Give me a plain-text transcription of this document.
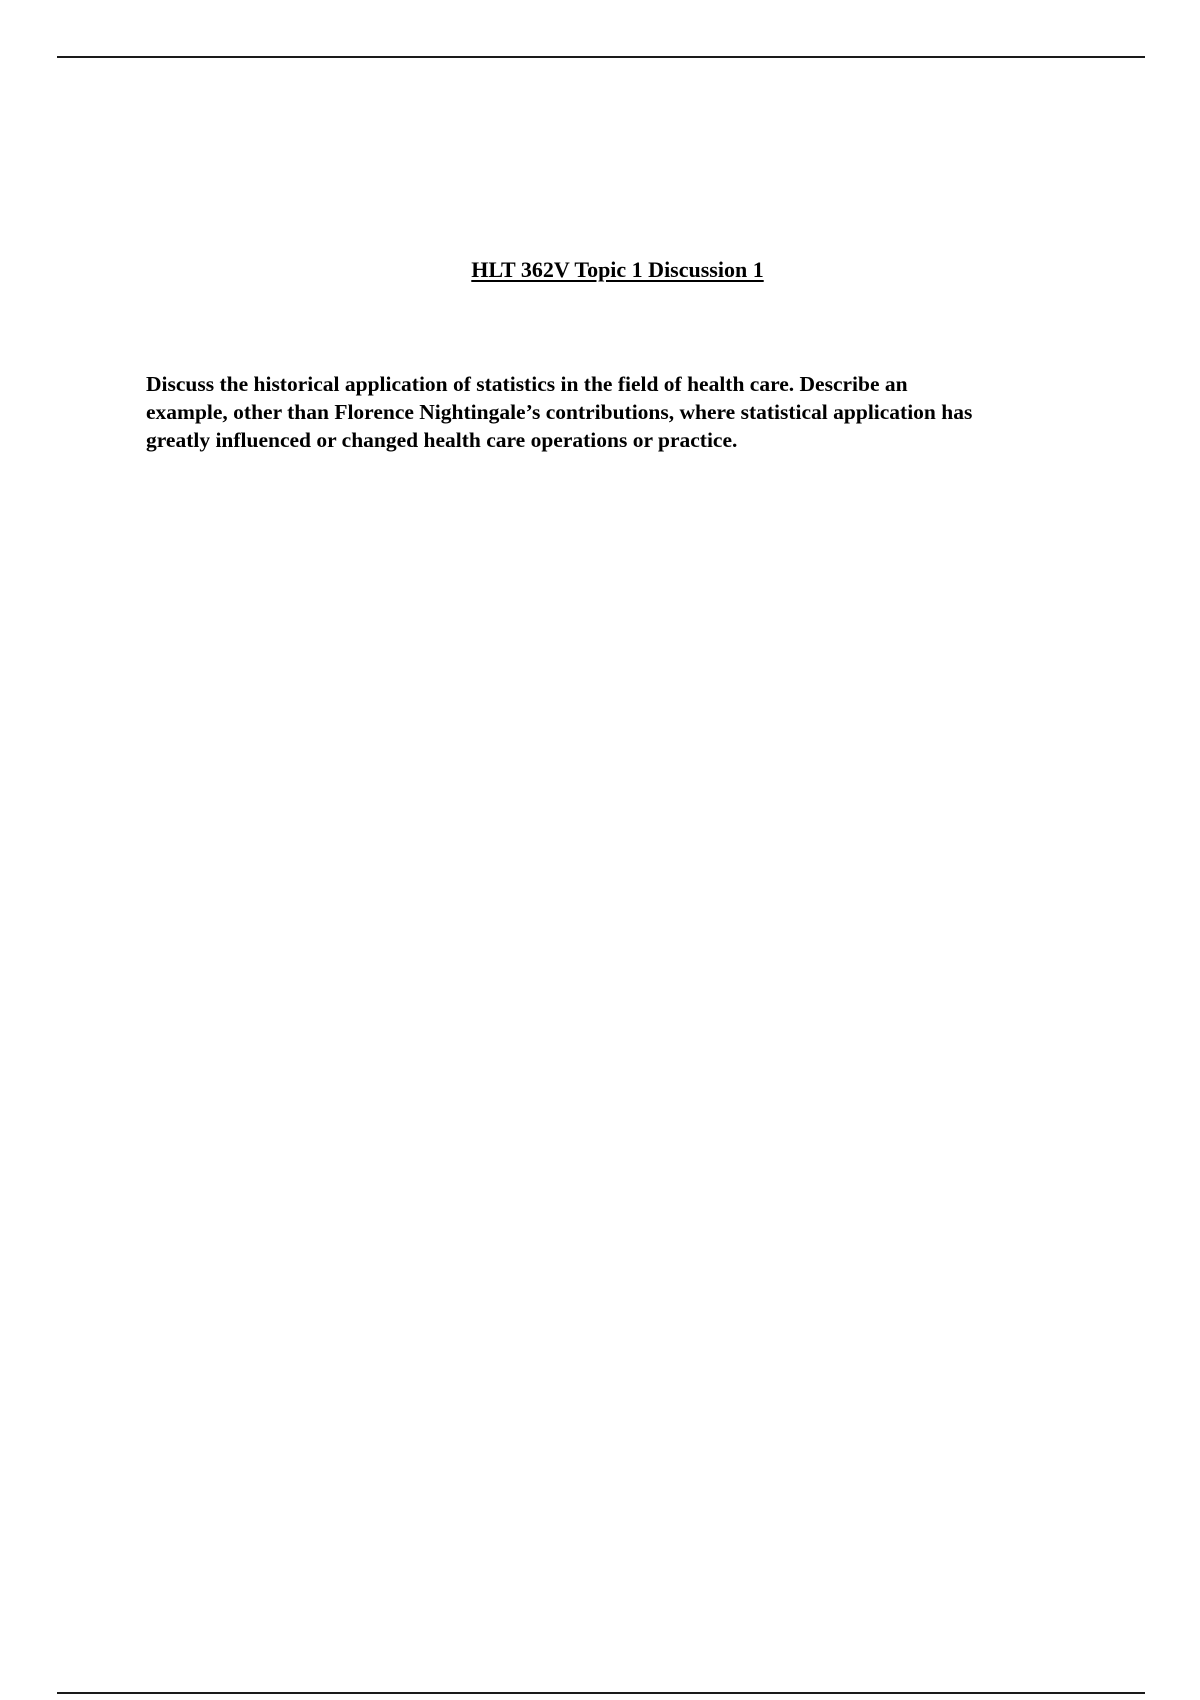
HLT 362V Topic 1 Discussion 1

Discuss the historical application of statistics in the field of health care. Describe an
example, other than Florence Nightingale’s contributions, where statistical application has
greatly influenced or changed health care operations or practice.
